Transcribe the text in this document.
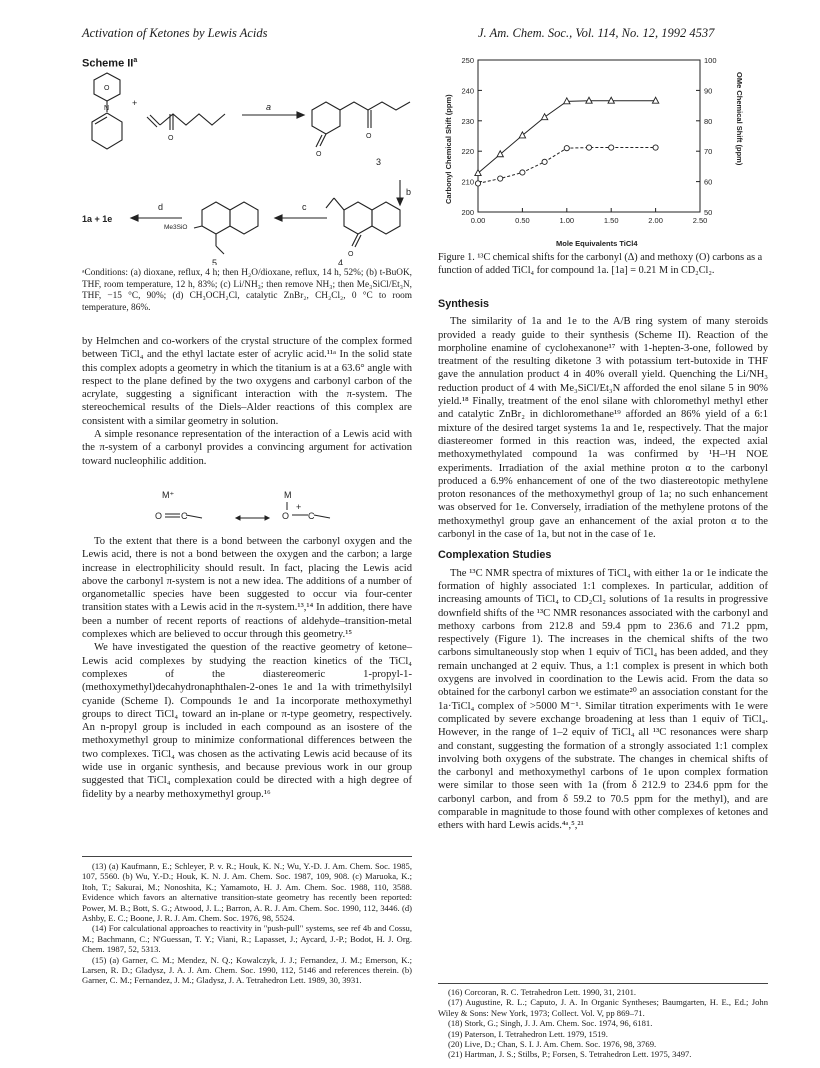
Activation of Ketones by Lewis Acids	J. Am. Chem. Soc., Vol. 114, No. 12, 1992 4537
Scheme $II^a$
+
O
N
O
a
O
O
3
b
O
4
c
Me3SiO
5
d
1a + 1e
ᵃConditions: (a) dioxane, reflux, 4 h; then H₂O/dioxane, reflux, 14 h, 52%; (b) t-BuOK, THF, room temperature, 12 h, 83%; (c) Li/NH₃; then remove NH₃; then Me₃SiCl/Et₃N, THF, −15 °C, 90%; (d) CH₃OCH₂Cl, catalytic ZnBr₂, CH₂Cl₂, 0 °C to room temperature, 86%.

by Helmchen and co-workers of the crystal structure of the complex formed between TiCl₄ and the ethyl lactate ester of acrylic acid.¹¹ᵃ In the solid state this complex adopts a geometry in which the titanium is at a 63.6° angle with respect to the plane defined by the two oxygens and carbonyl carbon of the acrylate, suggesting a significant interaction with the π-system. The stereochemical results of the Diels–Alder reactions of this complex are consistent with a similar geometry in solution.

A simple resonance representation of the interaction of a Lewis acid with the π-system of a carbonyl provides a convincing argument for activation toward nucleophilic addition.

M⁺
O C
M
+
O C

To the extent that there is a bond between the carbonyl oxygen and the Lewis acid, there is not a bond between the oxygen and the carbon; a large increase in electrophilicity should result. In fact, placing the Lewis acid above the carbonyl π-system is not a new idea. The additions of a number of organometallic species have been suggested to occur via four-center transition states with a Lewis acid in the π-system.¹³,¹⁴ In addition, there have been a number of recent reports of reactions of aldehyde–transition-metal complexes which are believed to occur through this geometry.¹⁵

We have investigated the question of the reactive geometry of ketone–Lewis acid complexes by studying the reaction kinetics of the TiCl₄ complexes of the diastereomeric 1-propyl-1-(methoxymethyl)decahydronaphthalen-2-ones 1e and 1a with trimethylsilyl cyanide (Scheme I). Compounds 1e and 1a incorporate methoxymethyl groups to direct TiCl₄ toward an in-plane or π-type geometry, respectively. An n-propyl group is included in each compound as an isostere of the methoxymethyl group to minimize conformational differences between the two complexes. TiCl₄ was chosen as the activating Lewis acid because of its wide use in organic synthesis, and because previous work in our group suggested that TiCl₄ complexation could be directed with a high degree of fidelity by a nearby methoxymethyl group.¹⁶

(13) (a) Kaufmann, E.; Schleyer, P. v. R.; Houk, K. N.; Wu, Y.-D. J. Am. Chem. Soc. 1985, 107, 5560. (b) Wu, Y.-D.; Houk, K. N. J. Am. Chem. Soc. 1987, 109, 908. (c) Maruoka, K.; Itoh, T.; Sakurai, M.; Nonoshita, K.; Yamamoto, H. J. Am. Chem. Soc. 1988, 110, 3588. Evidence which favors an alternative transition-state geometry has recently been reported: Power, M. B.; Bott, S. G.; Atwood, J. L.; Barron, A. R. J. Am. Chem. Soc. 1990, 112, 3446. (d) Ashby, E. C.; Boone, J. R. J. Am. Chem. Soc. 1976, 98, 5524.

(14) For calculational approaches to reactivity in "push-pull" systems, see ref 4b and Cossu, M.; Bachmann, C.; N'Guessan, T. Y.; Viani, R.; Lapasset, J.; Aycard, J.-P.; Bodot, H. J. Org. Chem. 1987, 52, 5313.

(15) (a) Garner, C. M.; Mendez, N. Q.; Kowalczyk, J. J.; Fernandez, J. M.; Emerson, K.; Larsen, R. D.; Gladysz, J. A. J. Am. Chem. Soc. 1990, 112, 5146 and references therein. (b) Garner, C. M.; Fernandez, J. M.; Gladysz, J. A. Tetrahedron Lett. 1989, 30, 3931.

0.00	0.50	1.00	1.50	2.00	2.50
200
210
220
230
240
250
50
60
70
80
90
100
Carbonyl Chemical Shift (ppm)	OMe Chemical Shift (ppm)
Mole Equivalents TiCl4
Figure 1. ¹³C chemical shifts for the carbonyl (Δ) and methoxy (O) carbons as a function of added TiCl₄ for compound 1a. [1a] = 0.21 M in CD₂Cl₂.
Synthesis

The similarity of 1a and 1e to the A/B ring system of many steroids provided a ready guide to their synthesis (Scheme II). Reaction of the morpholine enamine of cyclohexanone¹⁷ with 1-hepten-3-one, followed by treatment of the resulting diketone 3 with potassium tert-butoxide in THF gave the annulation product 4 in 40% overall yield. Quenching the Li/NH₃ reduction product of 4 with Me₃SiCl/Et₃N afforded the enol silane 5 in 90% yield.¹⁸ Finally, treatment of the enol silane with chloromethyl methyl ether and catalytic ZnBr₂ in dichloromethane¹⁹ afforded an 86% yield of a 6:1 mixture of the desired target systems 1a and 1e, respectively. That the major diastereomer formed in this reaction was, indeed, the expected axial methoxymethylated compound 1a was confirmed by ¹H–¹H NOE experiments. Irradiation of the axial methine proton α to the carbonyl produced a 6.9% enhancement of one of the two diastereotopic methylene proton resonances of the methoxymethyl group of 1a; no such enhancement was observed for 1e. Conversely, irradiation of the methylene protons of the methoxymethyl group gave an enhancement of the axial proton α to the carbonyl in the case of 1a, but not in the case of 1e.

Complexation Studies

The ¹³C NMR spectra of mixtures of TiCl₄ with either 1a or 1e indicate the formation of highly associated 1:1 complexes. In particular, addition of increasing amounts of TiCl₄ to CD₂Cl₂ solutions of 1a results in progressive downfield shifts of the ¹³C NMR resonances associated with the carbonyl and methoxy carbons from 212.8 and 59.4 ppm to 236.6 and 71.2 ppm, respectively (Figure 1). The increases in the chemical shifts of the two carbons simultaneously stop when 1 equiv of TiCl₄ has been added, and they remain unchanged at 2 equiv. Thus, a 1:1 complex is present in which both oxygens are involved in coordination to the Lewis acid. From the data so obtained for the carbonyl carbon we estimate²⁰ an association constant for the 1a·TiCl₄ complex of >5000 M⁻¹. Similar titration experiments with 1e were complicated by severe exchange broadening at less than 1 equiv of TiCl₄. However, in the range of 1–2 equiv of TiCl₄ all ¹³C resonances were sharp and constant, suggesting the formation of a strongly associated 1:1 complex involving both oxygens of the substrate. The changes in chemical shifts of the carbonyl and methoxymethyl carbons of 1e upon complex formation were similar to those seen with 1a (from δ 212.9 to 234.6 ppm for the carbonyl carbon, and from δ 59.2 to 70.5 ppm for the methyl), and are comparable in magnitude to those found with other complexes of ketones and ethers with hard Lewis acids.⁴ᵃ,⁵,²¹

(16) Corcoran, R. C. Tetrahedron Lett. 1990, 31, 2101.

(17) Augustine, R. L.; Caputo, J. A. In Organic Syntheses; Baumgarten, H. E., Ed.; John Wiley & Sons: New York, 1973; Collect. Vol. V, pp 869–71.

(18) Stork, G.; Singh, J. J. Am. Chem. Soc. 1974, 96, 6181.

(19) Paterson, I. Tetrahedron Lett. 1979, 1519.

(20) Live, D.; Chan, S. I. J. Am. Chem. Soc. 1976, 98, 3769.

(21) Hartman, J. S.; Stilbs, P.; Forsen, S. Tetrahedron Lett. 1975, 3497.
